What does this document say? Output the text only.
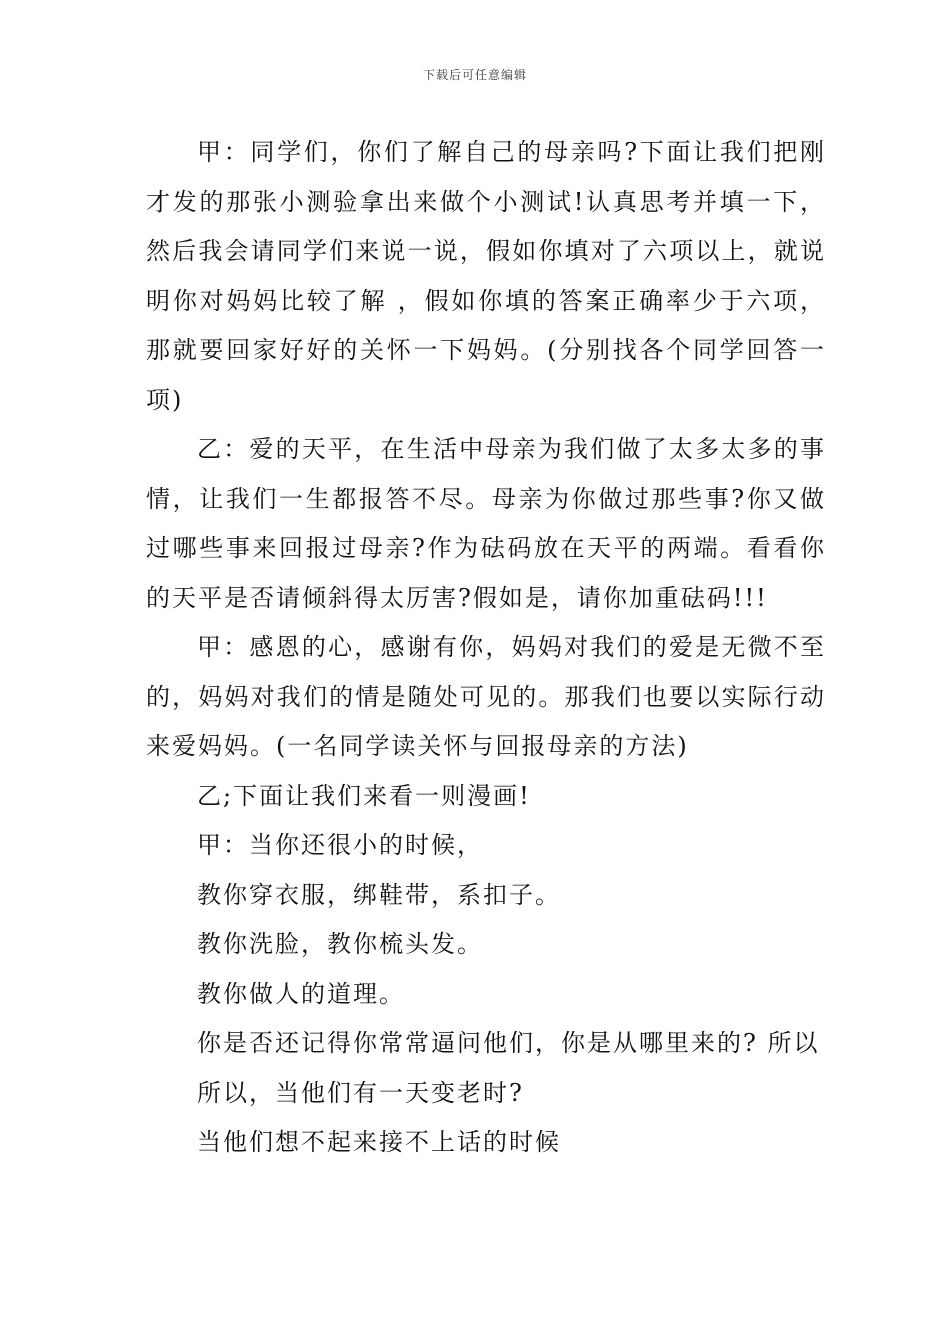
下载后可任意编辑

甲：同学们，你们了解自己的母亲吗?下面让我们把刚才发的那张小测验拿出来做个小测试!认真思考并填一下，然后我会请同学们来说一说，假如你填对了六项以上，就说明你对妈妈比较了解 ，假如你填的答案正确率少于六项，那就要回家好好的关怀一下妈妈。(分别找各个同学回答一项)

乙：爱的天平，在生活中母亲为我们做了太多太多的事情，让我们一生都报答不尽。母亲为你做过那些事?你又做过哪些事来回报过母亲?作为砝码放在天平的两端。看看你的天平是否请倾斜得太厉害?假如是，请你加重砝码!!!

甲：感恩的心，感谢有你，妈妈对我们的爱是无微不至的，妈妈对我们的情是随处可见的。那我们也要以实际行动来爱妈妈。(一名同学读关怀与回报母亲的方法)

乙;下面让我们来看一则漫画!

甲：当你还很小的时候，

教你穿衣服，绑鞋带，系扣子。

教你洗脸，教你梳头发。

教你做人的道理。

你是否还记得你常常逼问他们，你是从哪里来的? 所以

所以，当他们有一天变老时?

当他们想不起来接不上话的时候
